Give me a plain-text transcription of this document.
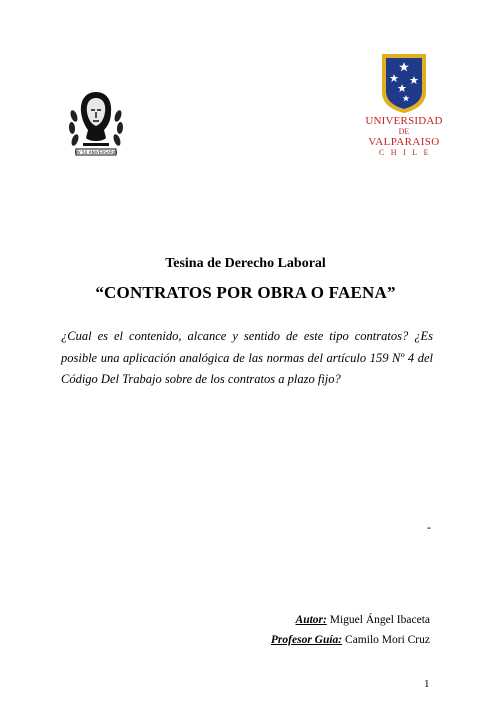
UV 50 ANIVERSARIO
UNIVERSIDAD
DE
VALPARAISO
CHILE
Tesina de Derecho Laboral
“CONTRATOS POR OBRA O FAENA”
¿Cual es el contenido, alcance y sentido de este tipo contratos? ¿Es posible una aplicación analógica de las normas del artículo 159 Nº 4 del Código Del Trabajo sobre de los contratos a plazo fijo?
-
Autor: Miguel Ángel Ibaceta
Profesor Guía: Camilo Mori Cruz
1
